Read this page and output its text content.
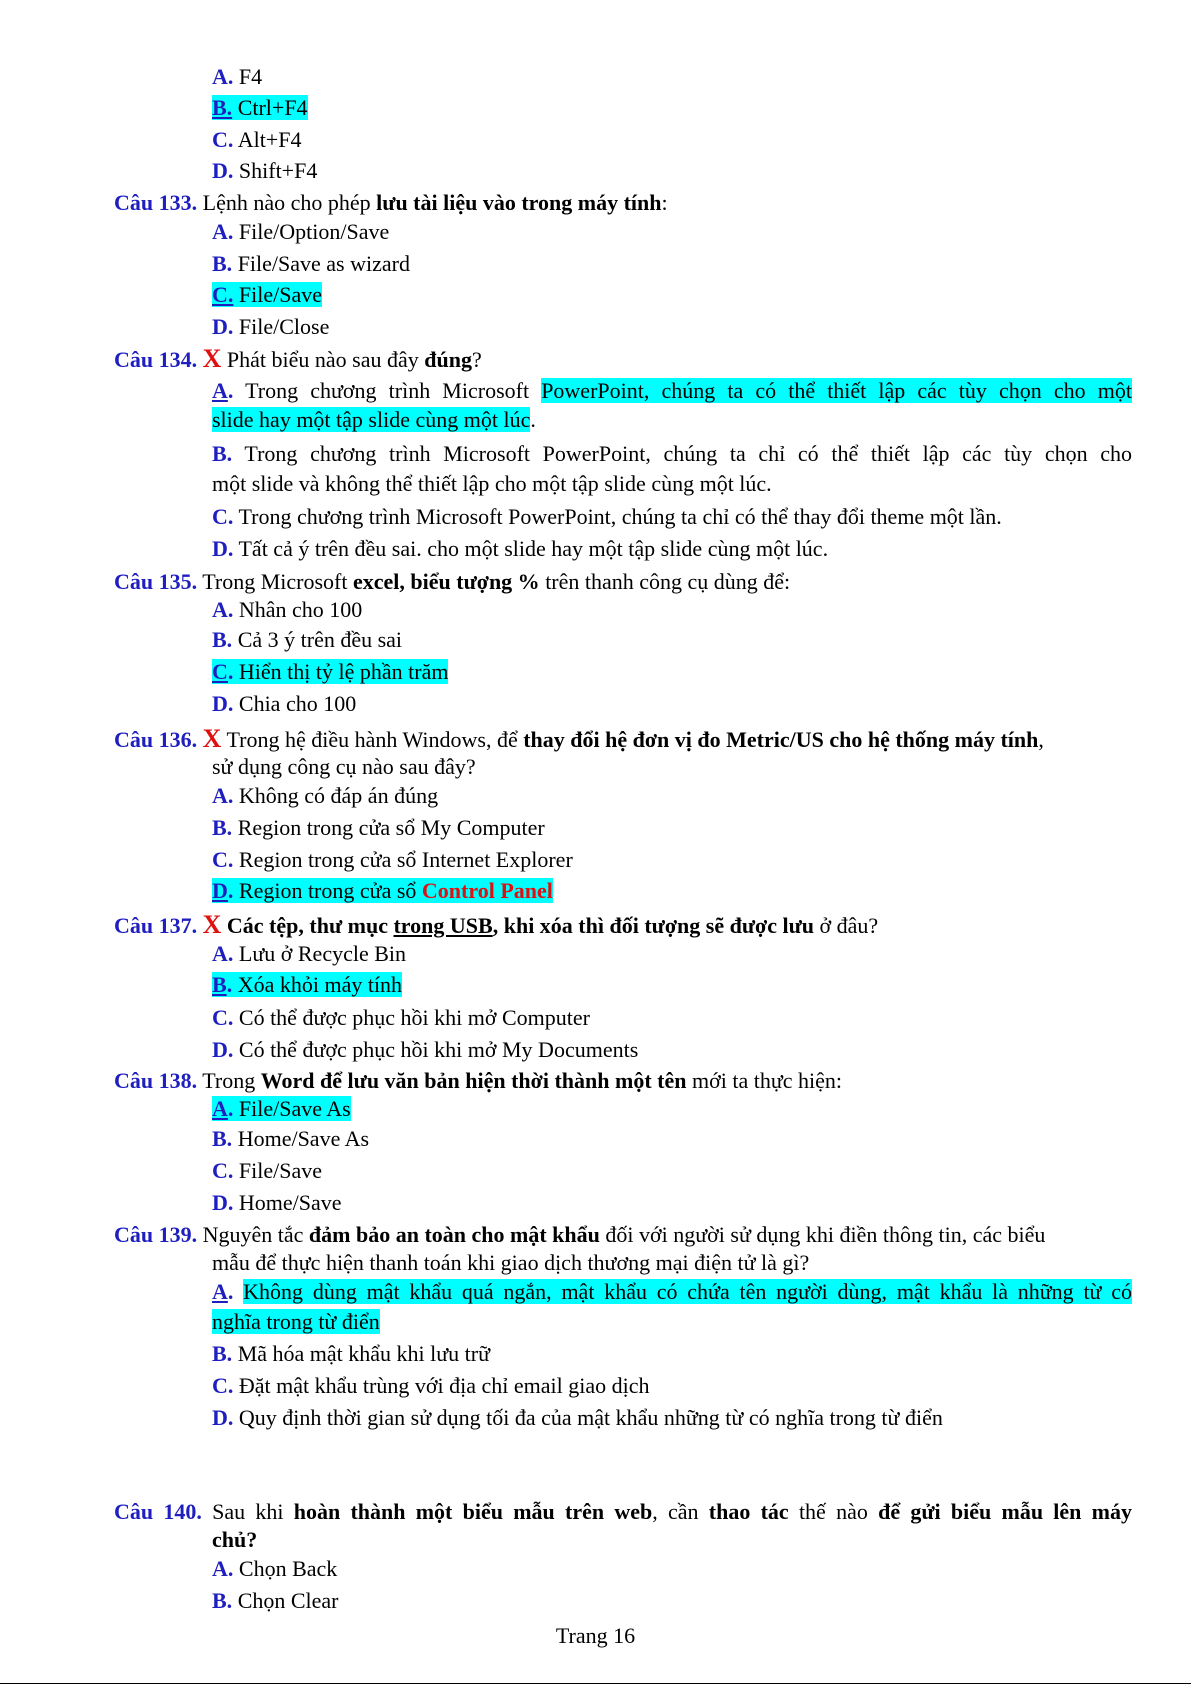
A. F4
B. Ctrl+F4
C. Alt+F4
D. Shift+F4
Câu 133. Lệnh nào cho phép lưu tài liệu vào trong máy tính:
A. File/Option/Save
B. File/Save as wizard
C. File/Save
D. File/Close
Câu 134. X Phát biểu nào sau đây đúng?
A. Trong chương trình Microsoft PowerPoint, chúng ta có thể thiết lập các tùy chọn cho một
slide hay một tập slide cùng một lúc.
B. Trong chương trình Microsoft PowerPoint, chúng ta chỉ có thể thiết lập các tùy chọn cho
một slide và không thể thiết lập cho một tập slide cùng một lúc.
C. Trong chương trình Microsoft PowerPoint, chúng ta chỉ có thể thay đổi theme một lần.
D. Tất cả ý trên đều sai. cho một slide hay một tập slide cùng một lúc.
Câu 135. Trong Microsoft excel, biểu tượng % trên thanh công cụ dùng để:
A. Nhân cho 100
B. Cả 3 ý trên đều sai
C. Hiển thị tỷ lệ phần trăm
D. Chia cho 100
Câu 136. X Trong hệ điều hành Windows, để thay đổi hệ đơn vị đo Metric/US cho hệ thống máy tính,
sử dụng công cụ nào sau đây?
A. Không có đáp án đúng
B. Region trong cửa sổ My Computer
C. Region trong cửa sổ Internet Explorer
D. Region trong cửa sổ Control Panel
Câu 137. X Các tệp, thư mục trong USB, khi xóa thì đối tượng sẽ được lưu ở đâu?
A. Lưu ở Recycle Bin
B. Xóa khỏi máy tính
C. Có thể được phục hồi khi mở Computer
D. Có thể được phục hồi khi mở My Documents
Câu 138. Trong Word để lưu văn bản hiện thời thành một tên mới ta thực hiện:
A. File/Save As
B. Home/Save As
C. File/Save
D. Home/Save
Câu 139. Nguyên tắc đảm bảo an toàn cho mật khẩu đối với người sử dụng khi điền thông tin, các biểu
mẫu để thực hiện thanh toán khi giao dịch thương mại điện tử là gì?
A. Không dùng mật khẩu quá ngắn, mật khẩu có chứa tên người dùng, mật khẩu là những từ có
nghĩa trong từ điển
B. Mã hóa mật khẩu khi lưu trữ
C. Đặt mật khẩu trùng với địa chỉ email giao dịch
D. Quy định thời gian sử dụng tối đa của mật khẩu những từ có nghĩa trong từ điển
Câu 140. Sau khi hoàn thành một biểu mẫu trên web, cần thao tác thế nào để gửi biểu mẫu lên máy
chủ?
A. Chọn Back
B. Chọn Clear
Trang 16
